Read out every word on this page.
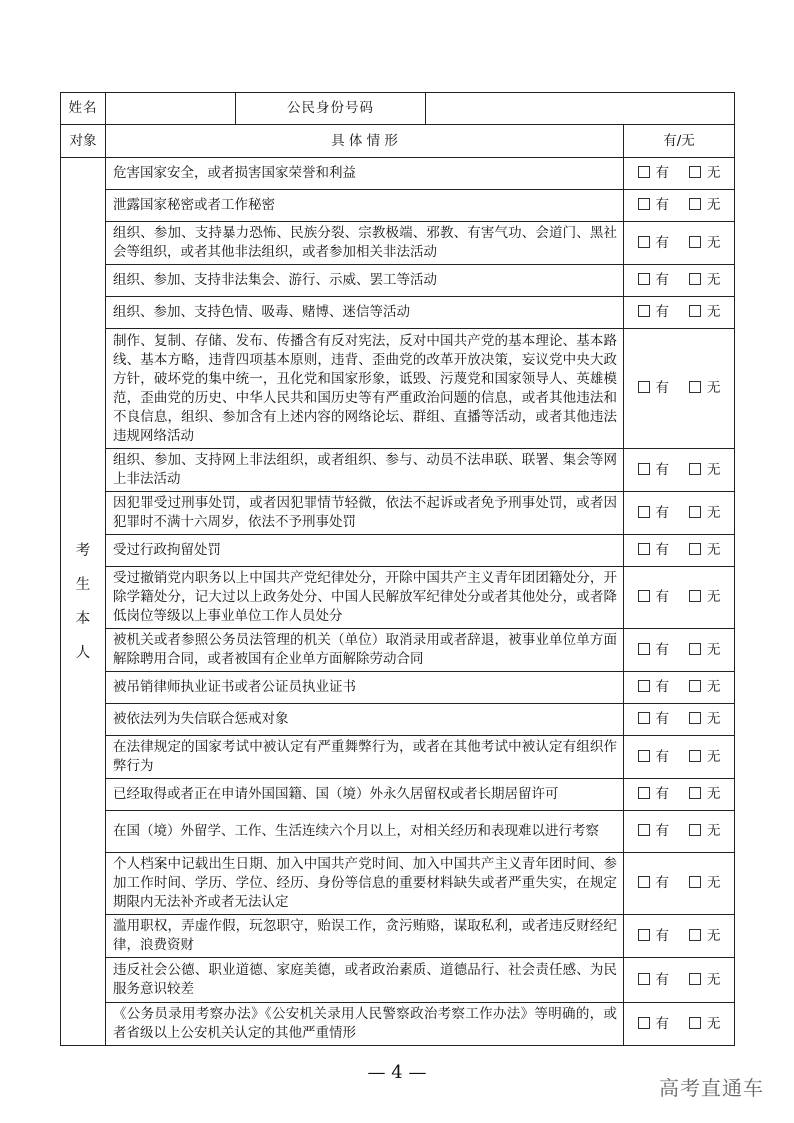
姓名		公民身份号码		
对象	具 体 情 形			有/无

考
生
本
人	危害国家安全，或者损害国家荣誉和利益			有 无
	泄露国家秘密或者工作秘密			有 无
	组织、参加、支持暴力恐怖、民族分裂、宗教极端、邪教、有害气功、会道门、黑社会等组织，或者其他非法组织，或者参加相关非法活动			有 无
	组织、参加、支持非法集会、游行、示威、罢工等活动			有 无
	组织、参加、支持色情、吸毒、赌博、迷信等活动			有 无
	制作、复制、存储、发布、传播含有反对宪法，反对中国共产党的基本理论、基本路线、基本方略，违背四项基本原则，违背、歪曲党的改革开放决策，妄议党中央大政方针，破坏党的集中统一，丑化党和国家形象，诋毁、污蔑党和国家领导人、英雄模范，歪曲党的历史、中华人民共和国历史等有严重政治问题的信息，或者其他违法和不良信息，组织、参加含有上述内容的网络论坛、群组、直播等活动，或者其他违法违规网络活动			有 无
	组织、参加、支持网上非法组织，或者组织、参与、动员不法串联、联署、集会等网上非法活动			有 无
	因犯罪受过刑事处罚，或者因犯罪情节轻微，依法不起诉或者免予刑事处罚，或者因犯罪时不满十六周岁，依法不予刑事处罚			有 无
	受过行政拘留处罚			有 无
	受过撤销党内职务以上中国共产党纪律处分，开除中国共产主义青年团团籍处分，开除学籍处分，记大过以上政务处分、中国人民解放军纪律处分或者其他处分，或者降低岗位等级以上事业单位工作人员处分			有 无
	被机关或者参照公务员法管理的机关（单位）取消录用或者辞退，被事业单位单方面解除聘用合同，或者被国有企业单方面解除劳动合同			有 无
	被吊销律师执业证书或者公证员执业证书			有 无
	被依法列为失信联合惩戒对象			有 无
	在法律规定的国家考试中被认定有严重舞弊行为，或者在其他考试中被认定有组织作弊行为			有 无
	已经取得或者正在申请外国国籍、国（境）外永久居留权或者长期居留许可			有 无
	在国（境）外留学、工作、生活连续六个月以上，对相关经历和表现难以进行考察			有 无
	个人档案中记载出生日期、加入中国共产党时间、加入中国共产主义青年团时间、参加工作时间、学历、学位、经历、身份等信息的重要材料缺失或者严重失实，在规定期限内无法补齐或者无法认定			有 无
	滥用职权，弄虚作假，玩忽职守，贻误工作，贪污贿赂，谋取私利，或者违反财经纪律，浪费资财			有 无
	违反社会公德、职业道德、家庭美德，或者政治素质、道德品行、社会责任感、为民服务意识较差			有 无
	《公务员录用考察办法》《公安机关录用人民警察政治考察工作办法》等明确的，或者省级以上公安机关认定的其他严重情形			有 无
— 4 —
高考直通车
